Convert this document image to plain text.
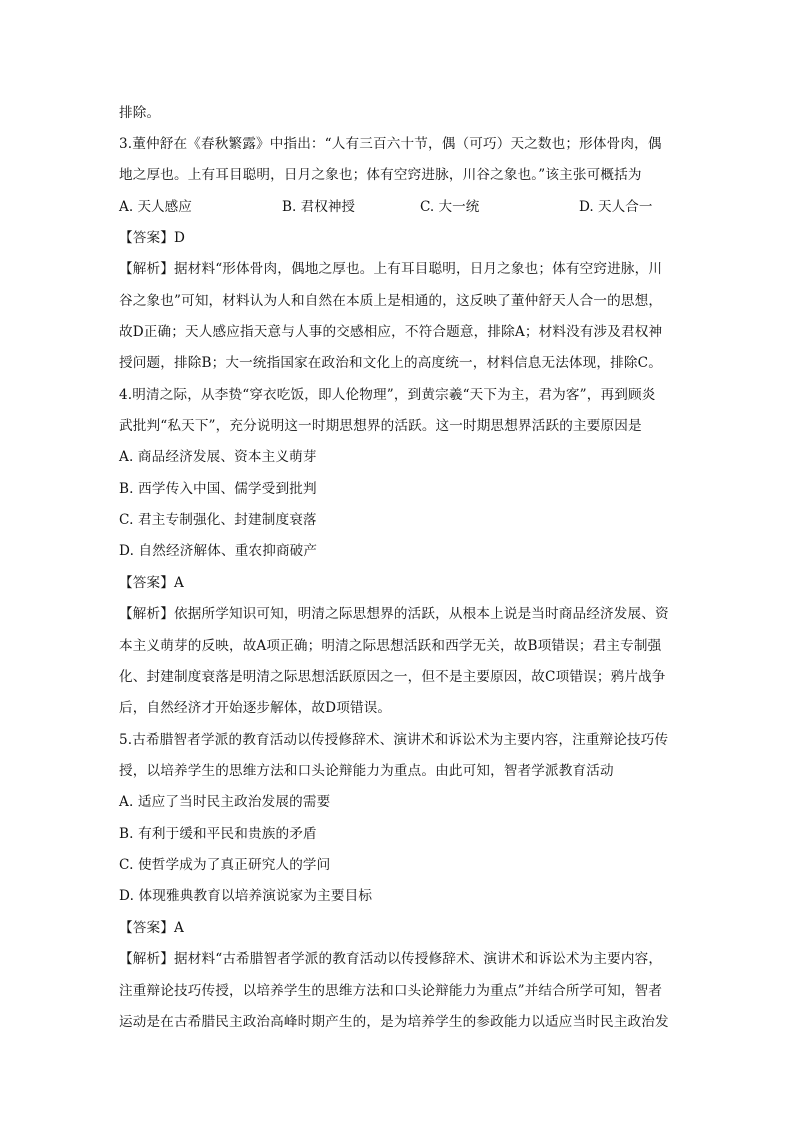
排除。
3.董仲舒在《春秋繁露》中指出：“人有三百六十节，偶（可巧）天之数也；形体骨肉，偶
地之厚也。上有耳目聪明，日月之象也；体有空窍进脉，川谷之象也。”该主张可概括为
A. 天人感应	B. 君权神授	C. 大一统	D. 天人合一
【答案】D
【解析】据材料“形体骨肉，偶地之厚也。上有耳目聪明，日月之象也；体有空窍进脉，川
谷之象也”可知，材料认为人和自然在本质上是相通的，这反映了董仲舒天人合一的思想，
故D正确；天人感应指天意与人事的交感相应，不符合题意，排除A；材料没有涉及君权神
授问题，排除B；大一统指国家在政治和文化上的高度统一，材料信息无法体现，排除C。
4.明清之际，从李贽“穿衣吃饭，即人伦物理”，到黄宗羲“天下为主，君为客”，再到顾炎
武批判“私天下”，充分说明这一时期思想界的活跃。这一时期思想界活跃的主要原因是
A. 商品经济发展、资本主义萌芽
B. 西学传入中国、儒学受到批判
C. 君主专制强化、封建制度衰落
D. 自然经济解体、重农抑商破产
【答案】A
【解析】依据所学知识可知，明清之际思想界的活跃，从根本上说是当时商品经济发展、资
本主义萌芽的反映，故A项正确；明清之际思想活跃和西学无关，故B项错误；君主专制强
化、封建制度衰落是明清之际思想活跃原因之一，但不是主要原因，故C项错误；鸦片战争
后，自然经济才开始逐步解体，故D项错误。
5.古希腊智者学派的教育活动以传授修辞术、演讲术和诉讼术为主要内容，注重辩论技巧传
授，以培养学生的思维方法和口头论辩能力为重点。由此可知，智者学派教育活动
A. 适应了当时民主政治发展的需要
B. 有利于缓和平民和贵族的矛盾
C. 使哲学成为了真正研究人的学问
D. 体现雅典教育以培养演说家为主要目标
【答案】A
【解析】据材料“古希腊智者学派的教育活动以传授修辞术、演讲术和诉讼术为主要内容，
注重辩论技巧传授，以培养学生的思维方法和口头论辩能力为重点”并结合所学可知，智者
运动是在古希腊民主政治高峰时期产生的，是为培养学生的参政能力以适应当时民主政治发
